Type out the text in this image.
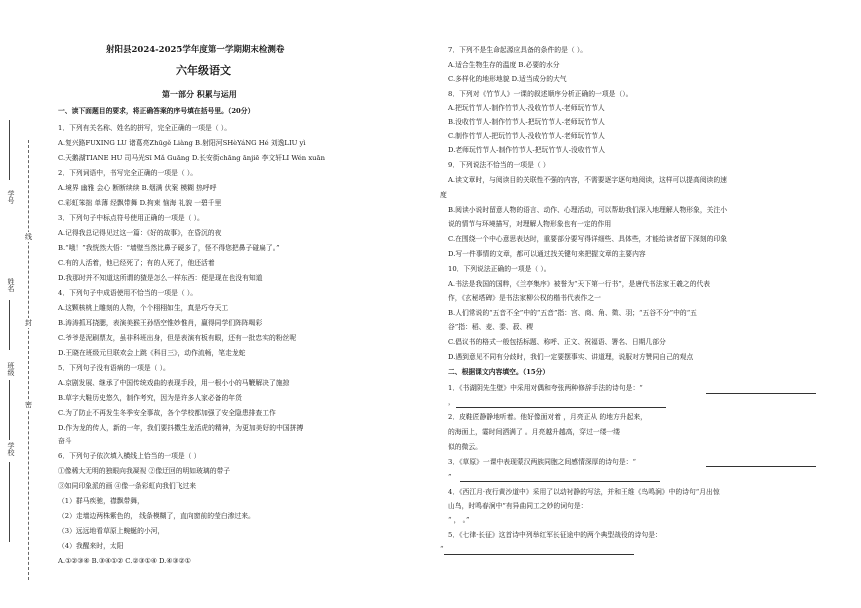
学号
姓名
班级
学校
线
封
密
射阳县2024-2025学年度第一学期期末检测卷
六年级语文
第一部分 积累与运用
一、读下面题目的要求，将正确答案的序号填在括号里。（20分）
1．下列有关名称、姓名的拼写，完全正确的一项是（ ）。
A.复兴路FUXING LU 诸葛亮Zhūgě Liàng B.射阳河SHèYáNG Hé 刘逸LIU yì
C.天鹅湖TIANE HU 司马光Sī Mǎ Guāng D.长安街chāng ānjiē 李文轩LI Wén xuān
2．下列词语中，书写完全正确的一项是（ ）。
A.境界 幽雅 会心 断断续续 B.烟满 伏案 模糊 热呼呼
C.彩虹笨拙 单薄 经飘带舞 D.拘束 恼海 礼貌 一碧千里
3．下列句子中标点符号使用正确的一项是（ ）。
A.记得我总记得见过这一篇：《好的故事》，在昏沉的夜
B.“哦！”我恍然大悟：“墙壁当然比鼻子硬多了，怪不得您把鼻子碰扁了。”
C.有的人活着，他已经死了；有的人死了，他还活着
D.我那时并不知道这所谓的猹是怎么一样东西：便是现在也没有知道
4．下列句子中成语使用不恰当的一项是（ ）。
A.这颗核桃上雕刻的人物，个个栩栩如生，真是巧夺天工
B.涛涛抓耳挠腮，表演美猴王孙悟空惟妙惟肖，赢得同学们阵阵喝彩
C.爷爷是泥刷票友，虽非科班出身，但是表演有板有眼，还有一批忠实的粉丝呢
D.王晓在班级元旦联欢会上跳《科目三》，动作流畅，笔走龙蛇
5．下列句子没有语病的一项是（ ）。
A.京剧发展、继承了中国传统戏曲的表现手段，用一根小小的马鞭解决了施掠
B.草字大鞋历史悠久，制作考究，因为是许多人家必备的年货
C.为了防止不再发生冬季安全事故，各个学校都加强了安全隐患排查工作
D.作为龙的传人，新的一年，我们要抖擞生龙活虎的精神，为更加美好的中国拼搏
奋斗
6．下列句子依次填入横线上恰当的一项是（ ）
①像稀大无明的独眼向我凝视 ②像迂回的明如玻璃的带子
③如同印象派的画 ④像一条彩虹向我们飞过来
（1）群马疾驰，襟飘带舞，
（2）走墙边两株紫色的， 线条模糊了，直向窗前的莹白渗过来。
（3）远远地看草原上蜿蜒的小河，
（4）我醒来时，太阳
A.①②③④ B.③④①② C.②③①④ D.④③②①
7．下列不是生命起源应具备的条件的是（ ）。
A.适合生物生存的温度 B.必要的水分
C.多样化的地形地貌 D.适当成分的大气
8．下列对《竹节人》一课的叙述顺序分析正确的一项是（）。
A.把玩竹节人-制作竹节人-没收竹节人-老师玩竹节人
B.没收竹节人-制作竹节人-把玩竹节人-老师玩竹节人
C.制作竹节人-把玩竹节人-没收竹节人-老师玩竹节人
D.老师玩竹节人-制作竹节人-把玩竹节人-没收竹节人
9．下列说法不恰当的一项是（ ）
A.读文章时，与阅读目的关联性不强的内容，不需要逐字逐句地阅读，这样可以提高阅读的速
度
B.阅读小说时留意人物的语言、动作、心理活动，可以帮助我们深入地理解人物形象，关注小
说的情节与环境描写，对理解人物形象也有一定的作用
C.在围绕一个中心意思表达时，重要部分要写得详细些、具体些，才能给读者留下深刻的印象
D.写一件事情的文章，都可以通过找关键句来把握文章的主要内容
10．下列说法正确的一项是（ ）。
A.书法是我国的国粹，《兰亭集序》被誉为“天下第一行书”，是唐代书法家王羲之的代表
作，《玄秘塔碑》是书法家柳公权的楷书代表作之一
B.人们常说的“五音不全”中的“五音”指：宫、商、角、徵、羽；“五谷不分”中的“五
谷”指：稻、麦、黍、菽、稷
C.倡议书的格式一般包括标题、称呼、正文、祝福语、署名、日期几部分
D.遇到意见不同有分歧时，我们一定要摆事实、讲道理，说服对方赞同自己的观点
二、根据课文内容填空。（15分）
1．《书湖阴先生壁》中采用对偶和夸张两种修辞手法的诗句是：“
，
2．皮鞋匠静静地听着。他好像面对着 ，月亮正从 的地方升起来，
的海面上，霎时间洒满了 。月亮越升越高，穿过一缕一缕
似的微云。
3．《草原》一课中表现蒙汉两族同胞之间感情深厚的诗句是：“
”
4．《西江月·夜行黄沙道中》采用了以动衬静的写法，并和王维《鸟鸣涧》中的诗句“月出惊
山鸟，时鸣春涧中”有异曲同工之妙的词句是：
“ ， 。”
5．《七律·长征》这首诗中列举红军长征途中的两个典型战役的诗句是：
“
